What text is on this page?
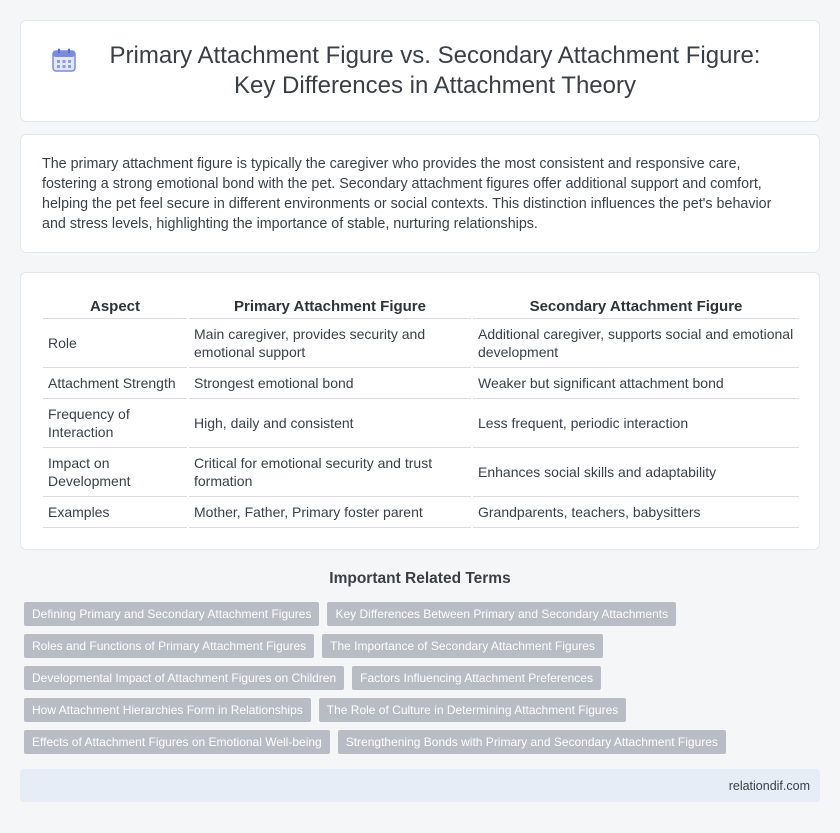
Primary Attachment Figure vs. Secondary Attachment Figure: Key Differences in Attachment Theory

The primary attachment figure is typically the caregiver who provides the most consistent and responsive care, fostering a strong emotional bond with the pet. Secondary attachment figures offer additional support and comfort, helping the pet feel secure in different environments or social contexts. This distinction influences the pet's behavior and stress levels, highlighting the importance of stable, nurturing relationships.

Aspect	Primary Attachment Figure	Secondary Attachment Figure
Role	Main caregiver, provides security and emotional support	Additional caregiver, supports social and emotional development
Attachment Strength	Strongest emotional bond	Weaker but significant attachment bond
Frequency of Interaction	High, daily and consistent	Less frequent, periodic interaction
Impact on Development	Critical for emotional security and trust formation	Enhances social skills and adaptability
Examples	Mother, Father, Primary foster parent	Grandparents, teachers, babysitters
Important Related Terms
Defining Primary and Secondary Attachment Figures	Key Differences Between Primary and Secondary Attachments
Roles and Functions of Primary Attachment Figures	The Importance of Secondary Attachment Figures
Developmental Impact of Attachment Figures on Children	Factors Influencing Attachment Preferences
How Attachment Hierarchies Form in Relationships	The Role of Culture in Determining Attachment Figures
Effects of Attachment Figures on Emotional Well-being	Strengthening Bonds with Primary and Secondary Attachment Figures
relationdif.com
